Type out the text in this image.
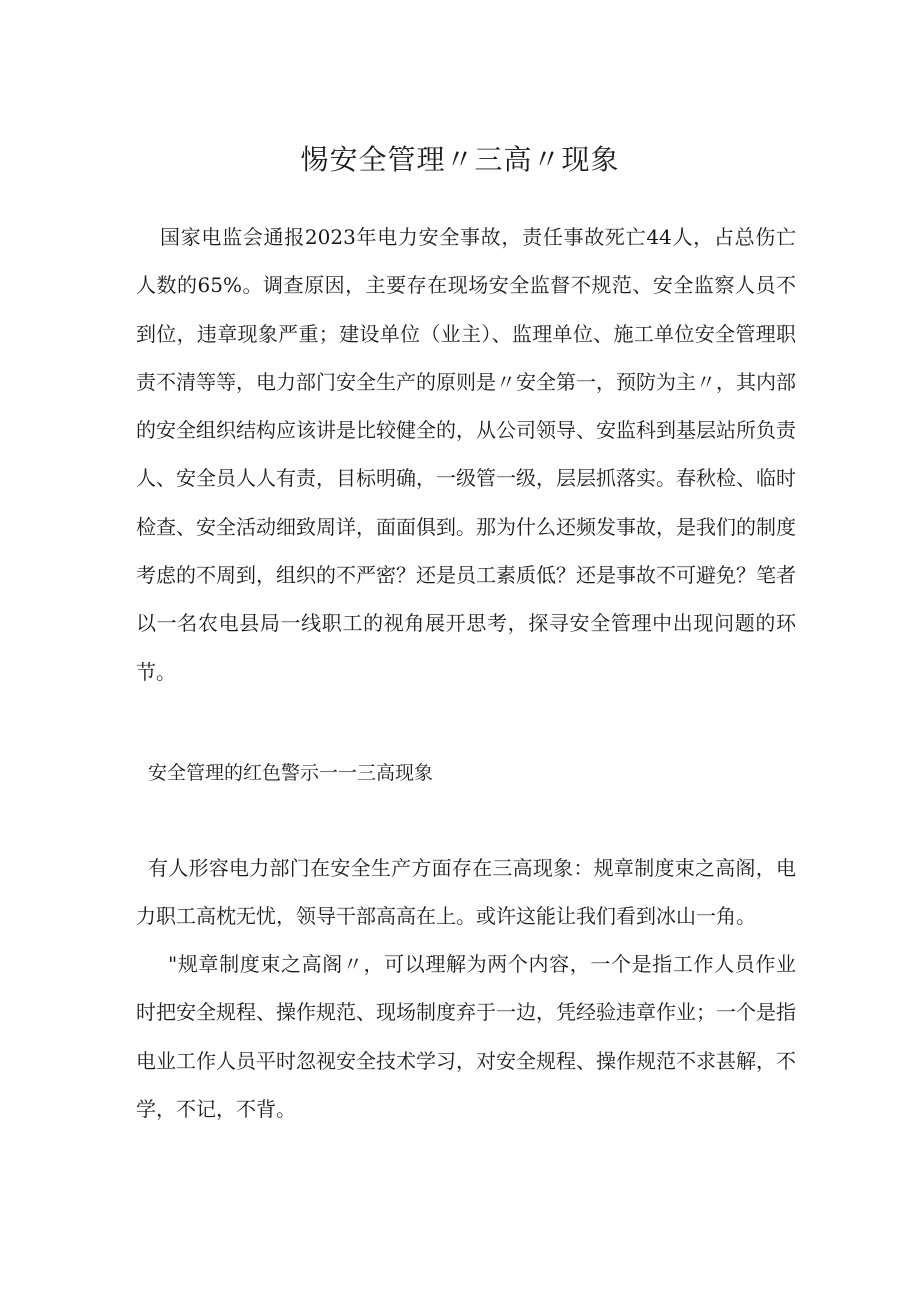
惕安全管理〃三高〃现象

国家电监会通报2023年电力安全事故，责任事故死亡44人，占总伤亡人数的65%。调查原因，主要存在现场安全监督不规范、安全监察人员不到位，违章现象严重；建设单位（业主）、监理单位、施工单位安全管理职责不清等等，电力部门安全生产的原则是〃安全第一，预防为主〃，其内部的安全组织结构应该讲是比较健全的，从公司领导、安监科到基层站所负责人、安全员人人有责，目标明确，一级管一级，层层抓落实。春秋检、临时检查、安全活动细致周详，面面俱到。那为什么还频发事故，是我们的制度考虑的不周到，组织的不严密？还是员工素质低？还是事故不可避免？笔者以一名农电县局一线职工的视角展开思考，探寻安全管理中出现问题的环节。

安全管理的红色警示一一三高现象

有人形容电力部门在安全生产方面存在三高现象：规章制度束之高阁，电力职工高枕无忧，领导干部高高在上。或许这能让我们看到冰山一角。

"规章制度束之高阁〃，可以理解为两个内容，一个是指工作人员作业时把安全规程、操作规范、现场制度弃于一边，凭经验违章作业；一个是指电业工作人员平时忽视安全技术学习，对安全规程、操作规范不求甚解，不学，不记，不背。
